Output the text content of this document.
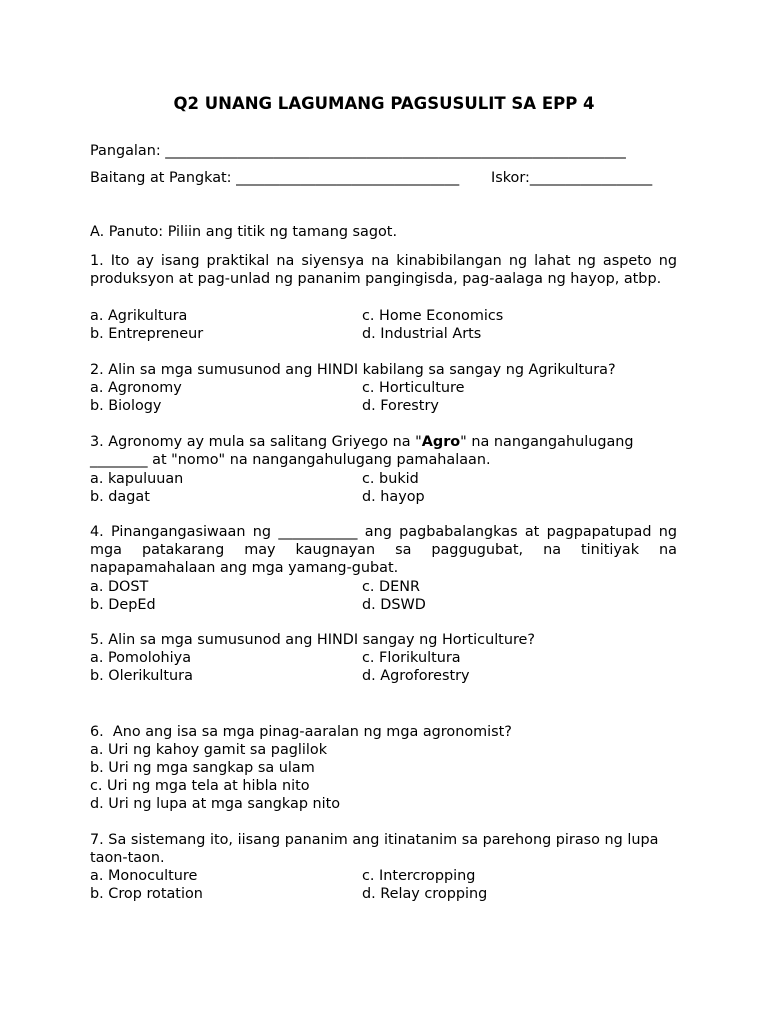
Q2 UNANG LAGUMANG PAGSUSULIT SA EPP 4
Pangalan: ________________________________________________________________
Baitang at Pangkat: _______________________________ Iskor:_________________
A. Panuto: Piliin ang titik ng tamang sagot.
1. Ito ay isang praktikal na siyensya na kinabibilangan ng lahat ng aspeto ng produksyon at pag-unlad ng pananim pangingisda, pag-aalaga ng hayop, atbp.
a. Agrikultura
b. Entrepreneur
c. Home Economics
d. Industrial Arts
2. Alin sa mga sumusunod ang HINDI kabilang sa sangay ng Agrikultura?
a. Agronomy
b. Biology
c. Horticulture
d. Forestry
3. Agronomy ay mula sa salitang Griyego na "Agro" na nangangahulugang ________ at "nomo" na nangangahulugang pamahalaan.
a. kapuluuan
b. dagat
c. bukid
d. hayop
4. Pinangangasiwaan ng ___________ ang pagbabalangkas at pagpapatupad ng mga patakarang may kaugnayan sa paggugubat, na tinitiyak na napapamahalaan ang mga yamang-gubat.
a. DOST
b. DepEd
c. DENR
d. DSWD
5. Alin sa mga sumusunod ang HINDI sangay ng Horticulture?
a. Pomolohiya
b. Olerikultura
c. Florikultura
d. Agroforestry
6.  Ano ang isa sa mga pinag-aaralan ng mga agronomist?
a. Uri ng kahoy gamit sa paglilok
b. Uri ng mga sangkap sa ulam
c. Uri ng mga tela at hibla nito
d. Uri ng lupa at mga sangkap nito
7. Sa sistemang ito, iisang pananim ang itinatanim sa parehong piraso ng lupa taon-taon.
a. Monoculture
b. Crop rotation
c. Intercropping
d. Relay cropping
